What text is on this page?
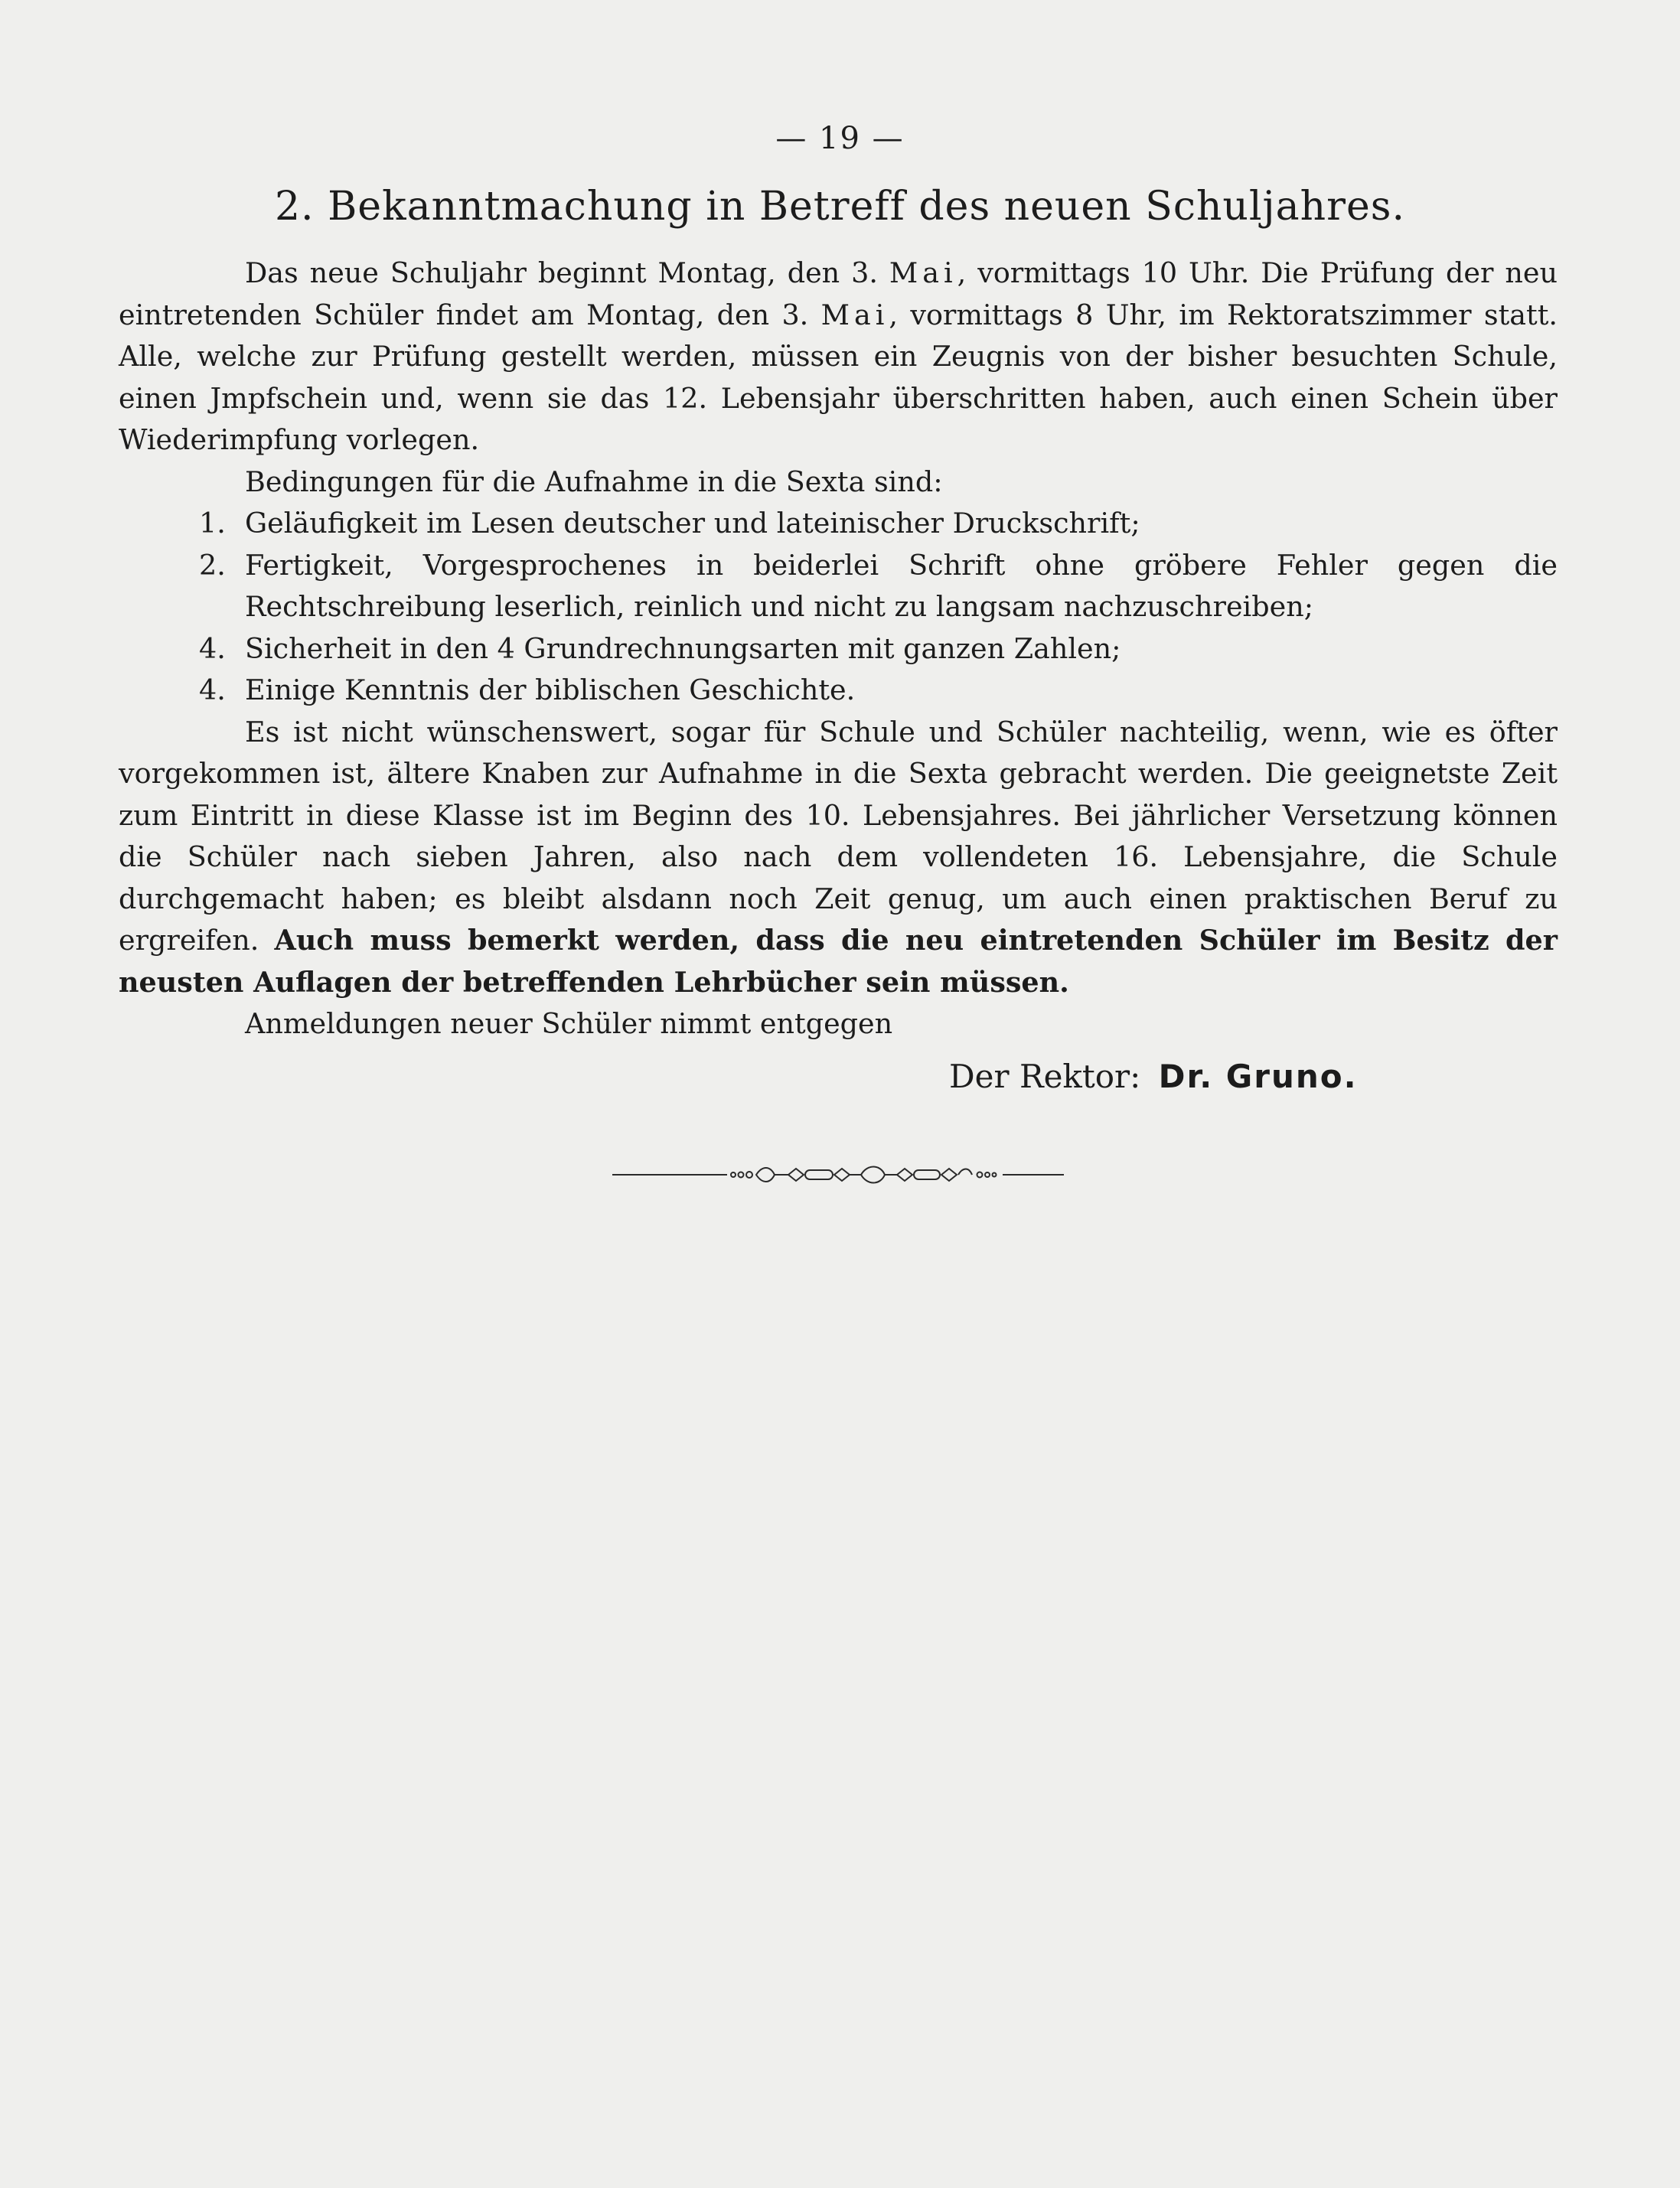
— 19 —
2. Bekanntmachung in Betreff des neuen Schuljahres.

Das neue Schuljahr beginnt Montag, den 3. Mai, vormittags 10 Uhr. Die Prüfung der neu eintretenden Schüler findet am Montag, den 3. Mai, vormittags 8 Uhr, im Rektoratszimmer statt. Alle, welche zur Prüfung gestellt werden, müssen ein Zeugnis von der bisher besuchten Schule, einen Jmpfschein und, wenn sie das 12. Lebensjahr überschritten haben, auch einen Schein über Wiederimpfung vorlegen.

Bedingungen für die Aufnahme in die Sexta sind:

1. Geläufigkeit im Lesen deutscher und lateinischer Druckschrift;

2. Fertigkeit, Vorgesprochenes in beiderlei Schrift ohne gröbere Fehler gegen die Rechtschreibung leserlich, reinlich und nicht zu langsam nachzuschreiben;

4. Sicherheit in den 4 Grundrechnungsarten mit ganzen Zahlen;

4. Einige Kenntnis der biblischen Geschichte.

Es ist nicht wünschenswert, sogar für Schule und Schüler nachteilig, wenn, wie es öfter vorgekommen ist, ältere Knaben zur Aufnahme in die Sexta gebracht werden. Die geeignetste Zeit zum Eintritt in diese Klasse ist im Beginn des 10. Lebensjahres. Bei jährlicher Versetzung können die Schüler nach sieben Jahren, also nach dem vollendeten 16. Lebensjahre, die Schule durchgemacht haben; es bleibt alsdann noch Zeit genug, um auch einen praktischen Beruf zu ergreifen. Auch muss bemerkt werden, dass die neu eintretenden Schüler im Besitz der neusten Auflagen der betreffenden Lehrbücher sein müssen.

Anmeldungen neuer Schüler nimmt entgegen

Der Rektor: Dr. Gruno.
